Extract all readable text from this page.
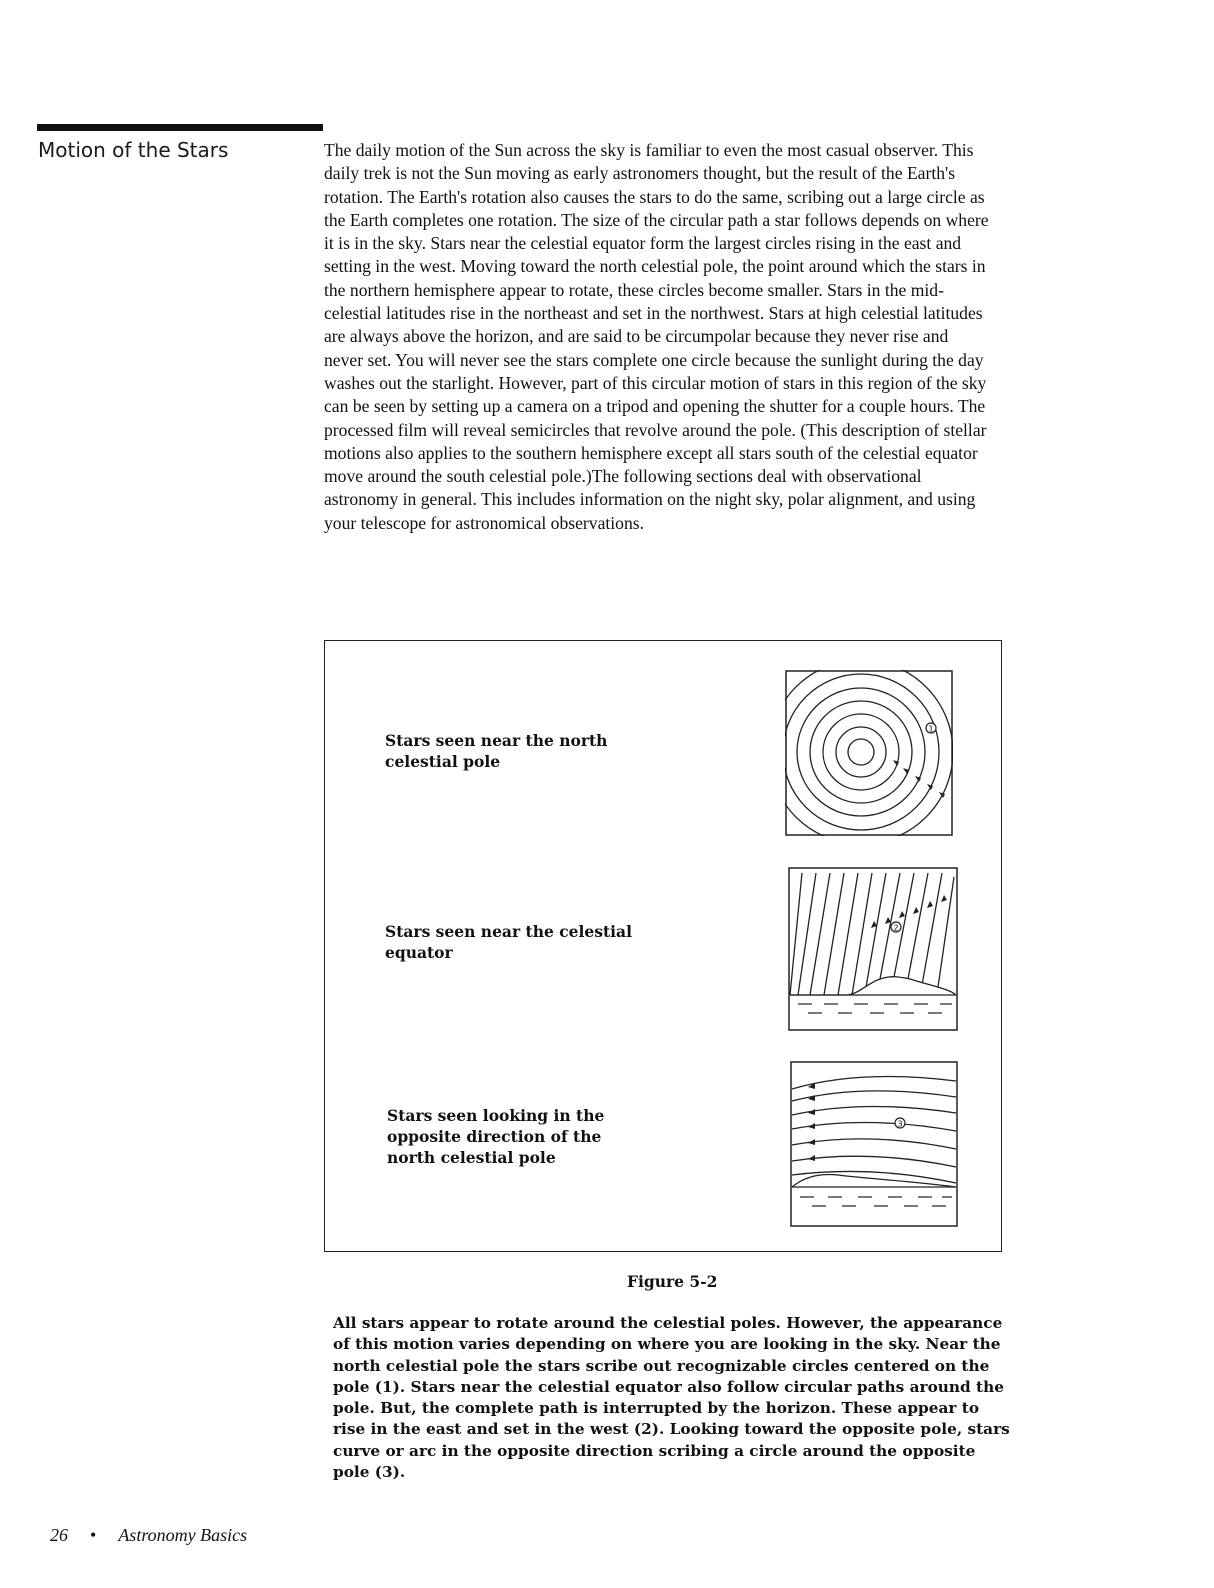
Motion of the Stars	The daily motion of the Sun across the sky is familiar to even the most casual observer. This daily trek is not the Sun moving as early astronomers thought, but the result of the Earth's rotation. The Earth's rotation also causes the stars to do the same, scribing out a large circle as the Earth completes one rotation. The size of the circular path a star follows depends on where it is in the sky. Stars near the celestial equator form the largest circles rising in the east and setting in the west. Moving toward the north celestial pole, the point around which the stars in the northern hemisphere appear to rotate, these circles become smaller. Stars in the mid-celestial latitudes rise in the northeast and set in the northwest. Stars at high celestial latitudes are always above the horizon, and are said to be circumpolar because they never rise and never set. You will never see the stars complete one circle because the sunlight during the day washes out the starlight. However, part of this circular motion of stars in this region of the sky can be seen by setting up a camera on a tripod and opening the shutter for a couple hours. The processed film will reveal semicircles that revolve around the pole. (This description of stellar motions also applies to the southern hemisphere except all stars south of the celestial equator move around the south celestial pole.)The following sections deal with observational astronomy in general. This includes information on the night sky, polar alignment, and using your telescope for astronomical observations.

Stars seen near the north celestial pole
Stars seen near the celestial equator
Stars seen looking in the opposite direction of the north celestial pole
1
2
3
Figure 5-2

All stars appear to rotate around the celestial poles. However, the appearance of this motion varies depending on where you are looking in the sky. Near the north celestial pole the stars scribe out recognizable circles centered on the pole (1). Stars near the celestial equator also follow circular paths around the pole. But, the complete path is interrupted by the horizon. These appear to rise in the east and set in the west (2). Looking toward the opposite pole, stars curve or arc in the opposite direction scribing a circle around the opposite pole (3).

26 • Astronomy Basics
